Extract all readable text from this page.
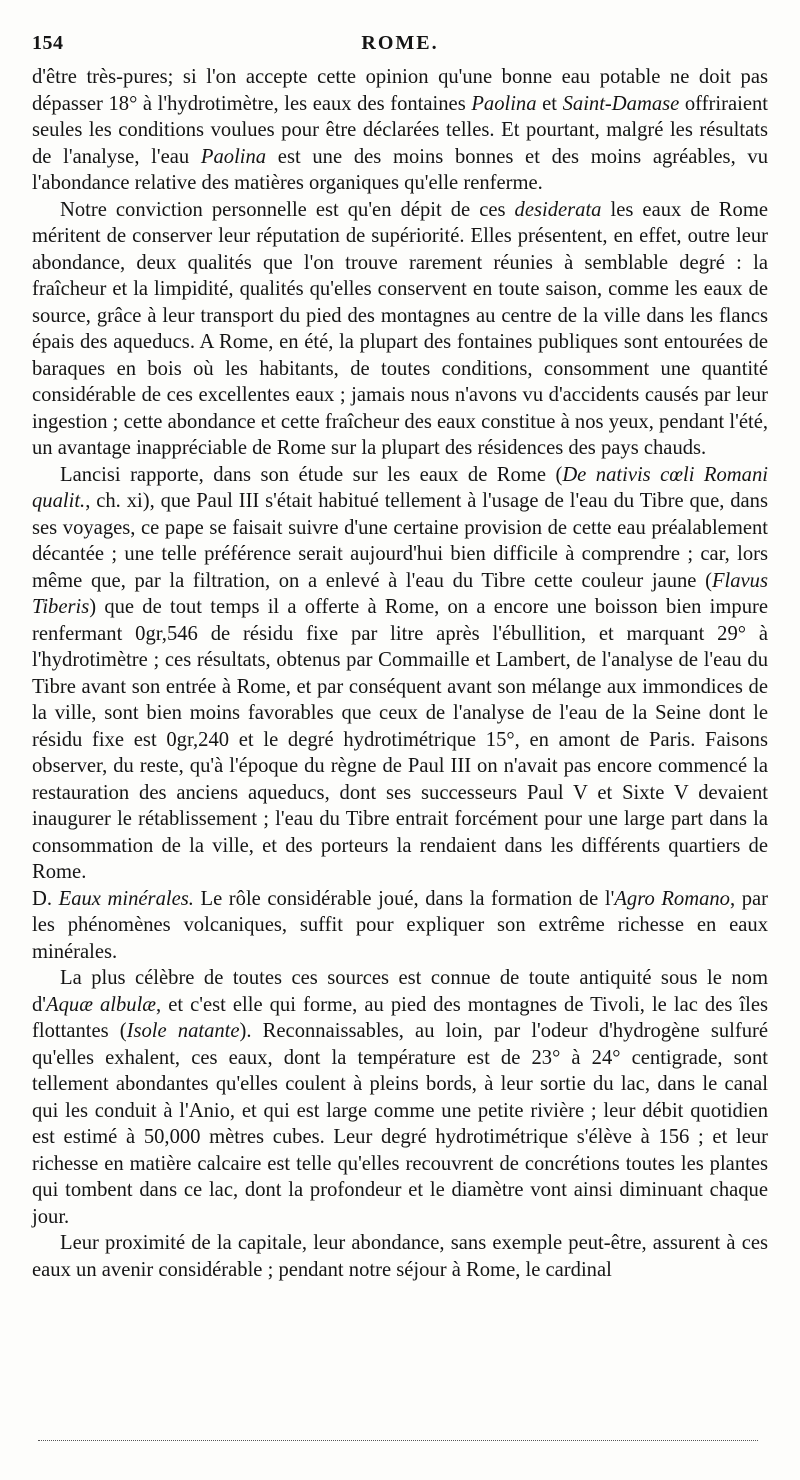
154	ROME.

d'être très-pures; si l'on accepte cette opinion qu'une bonne eau potable ne doit pas dépasser 18° à l'hydrotimètre, les eaux des fontaines Paolina et Saint-Damase offriraient seules les conditions voulues pour être déclarées telles. Et pourtant, malgré les résultats de l'analyse, l'eau Paolina est une des moins bonnes et des moins agréables, vu l'abondance relative des matières organiques qu'elle renferme.

Notre conviction personnelle est qu'en dépit de ces desiderata les eaux de Rome méritent de conserver leur réputation de supériorité. Elles présentent, en effet, outre leur abondance, deux qualités que l'on trouve rarement réunies à semblable degré : la fraîcheur et la limpidité, qualités qu'elles conservent en toute saison, comme les eaux de source, grâce à leur transport du pied des montagnes au centre de la ville dans les flancs épais des aqueducs. A Rome, en été, la plupart des fontaines publiques sont entourées de baraques en bois où les habitants, de toutes conditions, consomment une quantité considérable de ces excellentes eaux ; jamais nous n'avons vu d'accidents causés par leur ingestion ; cette abondance et cette fraîcheur des eaux constitue à nos yeux, pendant l'été, un avantage inappréciable de Rome sur la plupart des résidences des pays chauds.

Lancisi rapporte, dans son étude sur les eaux de Rome (De nativis cœli Romani qualit., ch. xi), que Paul III s'était habitué tellement à l'usage de l'eau du Tibre que, dans ses voyages, ce pape se faisait suivre d'une certaine provision de cette eau préalablement décantée ; une telle préférence serait aujourd'hui bien difficile à comprendre ; car, lors même que, par la filtration, on a enlevé à l'eau du Tibre cette couleur jaune (Flavus Tiberis) que de tout temps il a offerte à Rome, on a encore une boisson bien impure renfermant 0gr,546 de résidu fixe par litre après l'ébullition, et marquant 29° à l'hydrotimètre ; ces résultats, obtenus par Commaille et Lambert, de l'analyse de l'eau du Tibre avant son entrée à Rome, et par conséquent avant son mélange aux immondices de la ville, sont bien moins favorables que ceux de l'analyse de l'eau de la Seine dont le résidu fixe est 0gr,240 et le degré hydrotimétrique 15°, en amont de Paris. Faisons observer, du reste, qu'à l'époque du règne de Paul III on n'avait pas encore commencé la restauration des anciens aqueducs, dont ses successeurs Paul V et Sixte V devaient inaugurer le rétablissement ; l'eau du Tibre entrait forcément pour une large part dans la consommation de la ville, et des porteurs la rendaient dans les différents quartiers de Rome.

D. Eaux minérales. Le rôle considérable joué, dans la formation de l'Agro Romano, par les phénomènes volcaniques, suffit pour expliquer son extrême richesse en eaux minérales.

La plus célèbre de toutes ces sources est connue de toute antiquité sous le nom d'Aquæ albulæ, et c'est elle qui forme, au pied des montagnes de Tivoli, le lac des îles flottantes (Isole natante). Reconnaissables, au loin, par l'odeur d'hydrogène sulfuré qu'elles exhalent, ces eaux, dont la température est de 23° à 24° centigrade, sont tellement abondantes qu'elles coulent à pleins bords, à leur sortie du lac, dans le canal qui les conduit à l'Anio, et qui est large comme une petite rivière ; leur débit quotidien est estimé à 50,000 mètres cubes. Leur degré hydrotimétrique s'élève à 156 ; et leur richesse en matière calcaire est telle qu'elles recouvrent de concrétions toutes les plantes qui tombent dans ce lac, dont la profondeur et le diamètre vont ainsi diminuant chaque jour.

Leur proximité de la capitale, leur abondance, sans exemple peut-être, assurent à ces eaux un avenir considérable ; pendant notre séjour à Rome, le cardinal
